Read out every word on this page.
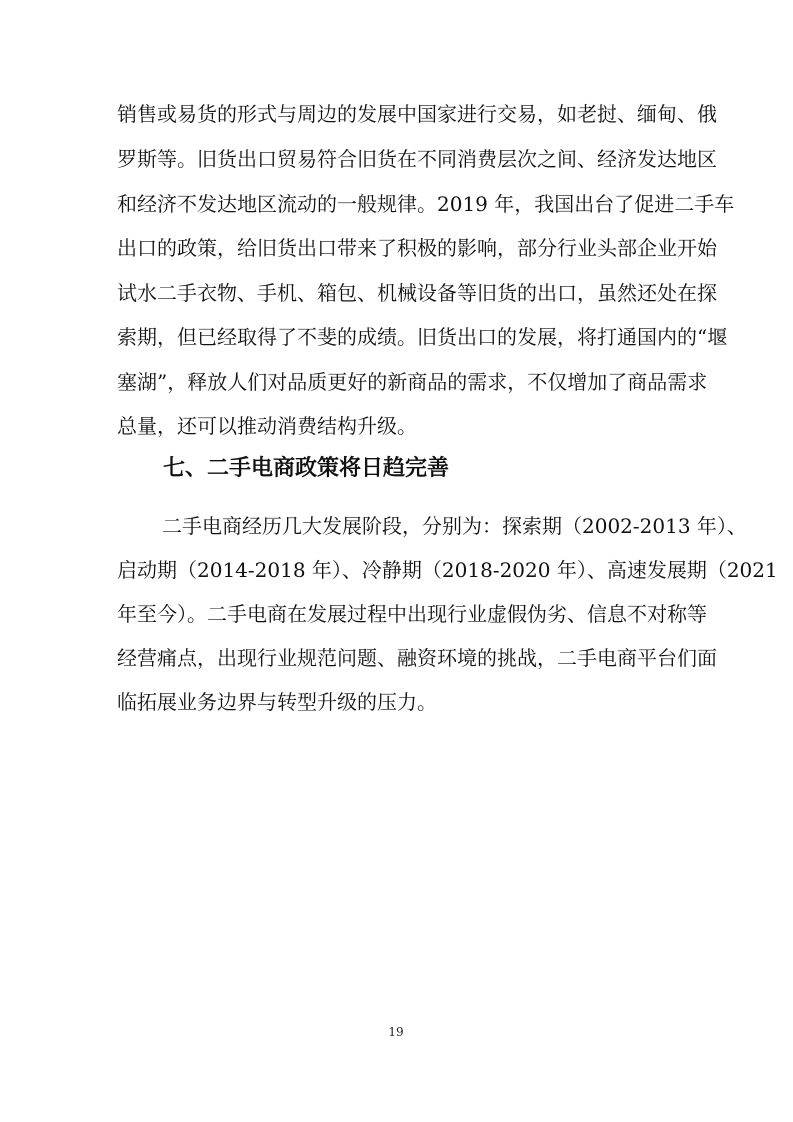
销售或易货的形式与周边的发展中国家进行交易，如老挝、缅甸、俄
罗斯等。旧货出口贸易符合旧货在不同消费层次之间、经济发达地区
和经济不发达地区流动的一般规律。2019 年，我国出台了促进二手车
出口的政策，给旧货出口带来了积极的影响，部分行业头部企业开始
试水二手衣物、手机、箱包、机械设备等旧货的出口，虽然还处在探
索期，但已经取得了不斐的成绩。旧货出口的发展，将打通国内的“堰
塞湖”，释放人们对品质更好的新商品的需求，不仅增加了商品需求
总量，还可以推动消费结构升级。
七、二手电商政策将日趋完善
二手电商经历几大发展阶段，分别为：探索期（2002-2013 年）、
启动期（2014-2018 年）、冷静期（2018-2020 年）、高速发展期（2021
年至今）。二手电商在发展过程中出现行业虚假伪劣、信息不对称等
经营痛点，出现行业规范问题、融资环境的挑战，二手电商平台们面
临拓展业务边界与转型升级的压力。
19
